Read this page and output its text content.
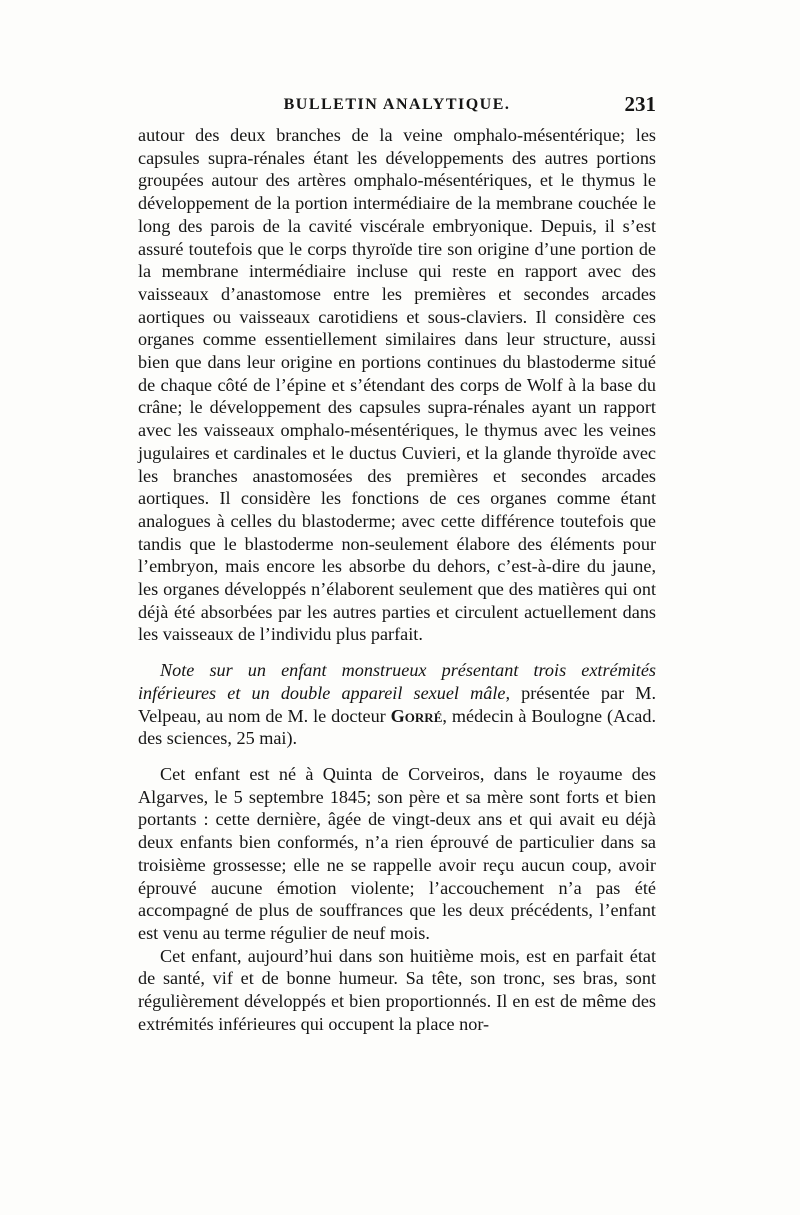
BULLETIN ANALYTIQUE.	231

autour des deux branches de la veine omphalo-mésentérique; les capsules supra-rénales étant les développements des autres portions groupées autour des artères omphalo-mésentériques, et le thymus le développement de la portion intermédiaire de la membrane couchée le long des parois de la cavité viscérale embryonique. Depuis, il s’est assuré toutefois que le corps thyroïde tire son origine d’une portion de la membrane intermédiaire incluse qui reste en rapport avec des vaisseaux d’anastomose entre les premières et secondes arcades aortiques ou vaisseaux carotidiens et sous-claviers. Il considère ces organes comme essentiellement similaires dans leur structure, aussi bien que dans leur origine en portions continues du blastoderme situé de chaque côté de l’épine et s’étendant des corps de Wolf à la base du crâne; le développement des capsules supra-rénales ayant un rapport avec les vaisseaux omphalo-mésentériques, le thymus avec les veines jugulaires et cardinales et le ductus Cuvieri, et la glande thyroïde avec les branches anastomosées des premières et secondes arcades aortiques. Il considère les fonctions de ces organes comme étant analogues à celles du blastoderme; avec cette différence toutefois que tandis que le blastoderme non-seulement élabore des éléments pour l’embryon, mais encore les absorbe du dehors, c’est-à-dire du jaune, les organes développés n’élaborent seulement que des matières qui ont déjà été absorbées par les autres parties et circulent actuellement dans les vaisseaux de l’individu plus parfait.

Note sur un enfant monstrueux présentant trois extrémités inférieures et un double appareil sexuel mâle, présentée par M. Velpeau, au nom de M. le docteur Gorré, médecin à Boulogne (Acad. des sciences, 25 mai).

Cet enfant est né à Quinta de Corveiros, dans le royaume des Algarves, le 5 septembre 1845; son père et sa mère sont forts et bien portants : cette dernière, âgée de vingt-deux ans et qui avait eu déjà deux enfants bien conformés, n’a rien éprouvé de particulier dans sa troisième grossesse; elle ne se rappelle avoir reçu aucun coup, avoir éprouvé aucune émotion violente; l’accouchement n’a pas été accompagné de plus de souffrances que les deux précédents, l’enfant est venu au terme régulier de neuf mois.

Cet enfant, aujourd’hui dans son huitième mois, est en parfait état de santé, vif et de bonne humeur. Sa tête, son tronc, ses bras, sont régulièrement développés et bien proportionnés. Il en est de même des extrémités inférieures qui occupent la place nor-
